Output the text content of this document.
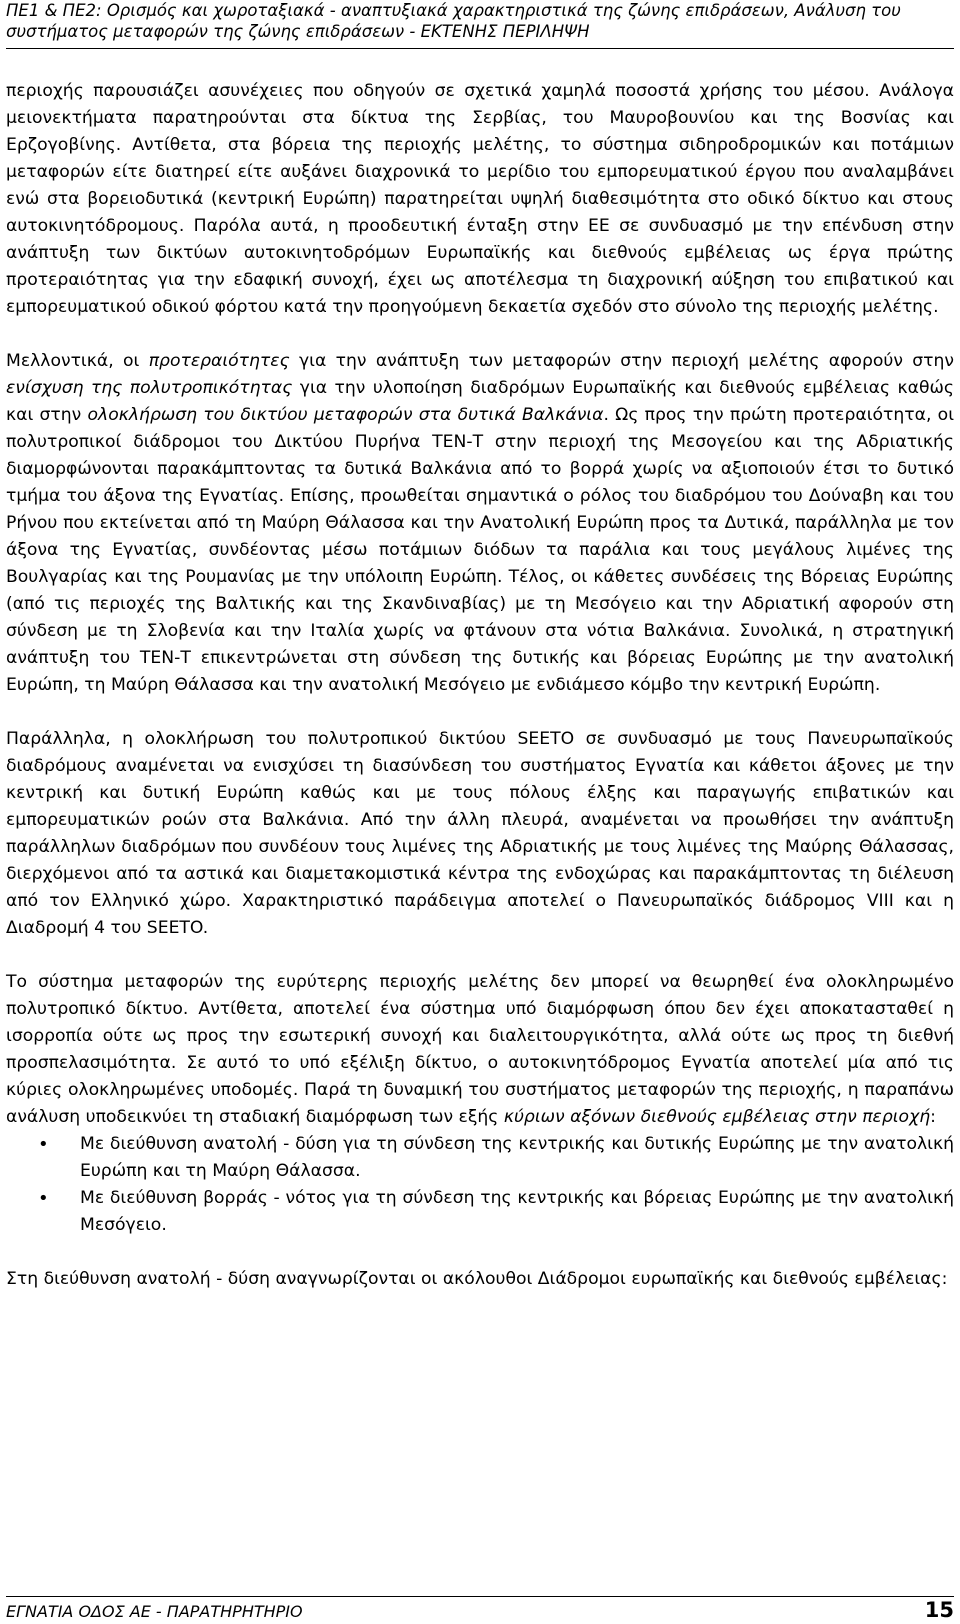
ΠΕ1 & ΠΕ2: Ορισμός και χωροταξιακά - αναπτυξιακά χαρακτηριστικά της ζώνης επιδράσεων, Ανάλυση του συστήματος μεταφορών της ζώνης επιδράσεων - ΕΚΤΕΝΗΣ ΠΕΡΙΛΗΨΗ

περιοχής παρουσιάζει ασυνέχειες που οδηγούν σε σχετικά χαμηλά ποσοστά χρήσης του μέσου. Ανάλογα μειονεκτήματα παρατηρούνται στα δίκτυα της Σερβίας, του Μαυροβουνίου και της Βοσνίας και Ερζογοβίνης. Αντίθετα, στα βόρεια της περιοχής μελέτης, το σύστημα σιδηροδρομικών και ποτάμιων μεταφορών είτε διατηρεί είτε αυξάνει διαχρονικά το μερίδιο του εμπορευματικού έργου που αναλαμβάνει ενώ στα βορειοδυτικά (κεντρική Ευρώπη) παρατηρείται υψηλή διαθεσιμότητα στο οδικό δίκτυο και στους αυτοκινητόδρομους. Παρόλα αυτά, η προοδευτική ένταξη στην ΕΕ σε συνδυασμό με την επένδυση στην ανάπτυξη των δικτύων αυτοκινητοδρόμων Ευρωπαϊκής και διεθνούς εμβέλειας ως έργα πρώτης προτεραιότητας για την εδαφική συνοχή, έχει ως αποτέλεσμα τη διαχρονική αύξηση του επιβατικού και εμπορευματικού οδικού φόρτου κατά την προηγούμενη δεκαετία σχεδόν στο σύνολο της περιοχής μελέτης.

Μελλοντικά, οι προτεραιότητες για την ανάπτυξη των μεταφορών στην περιοχή μελέτης αφορούν στην ενίσχυση της πολυτροπικότητας για την υλοποίηση διαδρόμων Ευρωπαϊκής και διεθνούς εμβέλειας καθώς και στην ολοκλήρωση του δικτύου μεταφορών στα δυτικά Βαλκάνια. Ως προς την πρώτη προτεραιότητα, οι πολυτροπικοί διάδρομοι του Δικτύου Πυρήνα ΤΕΝ-Τ στην περιοχή της Μεσογείου και της Αδριατικής διαμορφώνονται παρακάμπτοντας τα δυτικά Βαλκάνια από το βορρά χωρίς να αξιοποιούν έτσι το δυτικό τμήμα του άξονα της Εγνατίας. Επίσης, προωθείται σημαντικά ο ρόλος του διαδρόμου του Δούναβη και του Ρήνου που εκτείνεται από τη Μαύρη Θάλασσα και την Ανατολική Ευρώπη προς τα Δυτικά, παράλληλα με τον άξονα της Εγνατίας, συνδέοντας μέσω ποτάμιων διόδων τα παράλια και τους μεγάλους λιμένες της Βουλγαρίας και της Ρουμανίας με την υπόλοιπη Ευρώπη. Τέλος, οι κάθετες συνδέσεις της Βόρειας Ευρώπης (από τις περιοχές της Βαλτικής και της Σκανδιναβίας) με τη Μεσόγειο και την Αδριατική αφορούν στη σύνδεση με τη Σλοβενία και την Ιταλία χωρίς να φτάνουν στα νότια Βαλκάνια. Συνολικά, η στρατηγική ανάπτυξη του ΤΕΝ-Τ επικεντρώνεται στη σύνδεση της δυτικής και βόρειας Ευρώπης με την ανατολική Ευρώπη, τη Μαύρη Θάλασσα και την ανατολική Μεσόγειο με ενδιάμεσο κόμβο την κεντρική Ευρώπη.

Παράλληλα, η ολοκλήρωση του πολυτροπικού δικτύου SEETO σε συνδυασμό με τους Πανευρωπαϊκούς διαδρόμους αναμένεται να ενισχύσει τη διασύνδεση του συστήματος Εγνατία και κάθετοι άξονες με την κεντρική και δυτική Ευρώπη καθώς και με τους πόλους έλξης και παραγωγής επιβατικών και εμπορευματικών ροών στα Βαλκάνια. Από την άλλη πλευρά, αναμένεται να προωθήσει την ανάπτυξη παράλληλων διαδρόμων που συνδέουν τους λιμένες της Αδριατικής με τους λιμένες της Μαύρης Θάλασσας, διερχόμενοι από τα αστικά και διαμετακομιστικά κέντρα της ενδοχώρας και παρακάμπτοντας τη διέλευση από τον Ελληνικό χώρο. Χαρακτηριστικό παράδειγμα αποτελεί ο Πανευρωπαϊκός διάδρομος VIII και η Διαδρομή 4 του SEETO.

Το σύστημα μεταφορών της ευρύτερης περιοχής μελέτης δεν μπορεί να θεωρηθεί ένα ολοκληρωμένο πολυτροπικό δίκτυο. Αντίθετα, αποτελεί ένα σύστημα υπό διαμόρφωση όπου δεν έχει αποκατασταθεί η ισορροπία ούτε ως προς την εσωτερική συνοχή και διαλειτουργικότητα, αλλά ούτε ως προς τη διεθνή προσπελασιμότητα. Σε αυτό το υπό εξέλιξη δίκτυο, ο αυτοκινητόδρομος Εγνατία αποτελεί μία από τις κύριες ολοκληρωμένες υποδομές. Παρά τη δυναμική του συστήματος μεταφορών της περιοχής, η παραπάνω ανάλυση υποδεικνύει τη σταδιακή διαμόρφωση των εξής κύριων αξόνων διεθνούς εμβέλειας στην περιοχή:

• Με διεύθυνση ανατολή - δύση για τη σύνδεση της κεντρικής και δυτικής Ευρώπης με την ανατολική Ευρώπη και τη Μαύρη Θάλασσα.
• Με διεύθυνση βορράς - νότος για τη σύνδεση της κεντρικής και βόρειας Ευρώπης με την ανατολική Μεσόγειο.

Στη διεύθυνση ανατολή - δύση αναγνωρίζονται οι ακόλουθοι Διάδρομοι ευρωπαϊκής και διεθνούς εμβέλειας:

ΕΓΝΑΤΙΑ ΟΔΟΣ ΑΕ - ΠΑΡΑΤΗΡΗΤΗΡΙΟ	15
